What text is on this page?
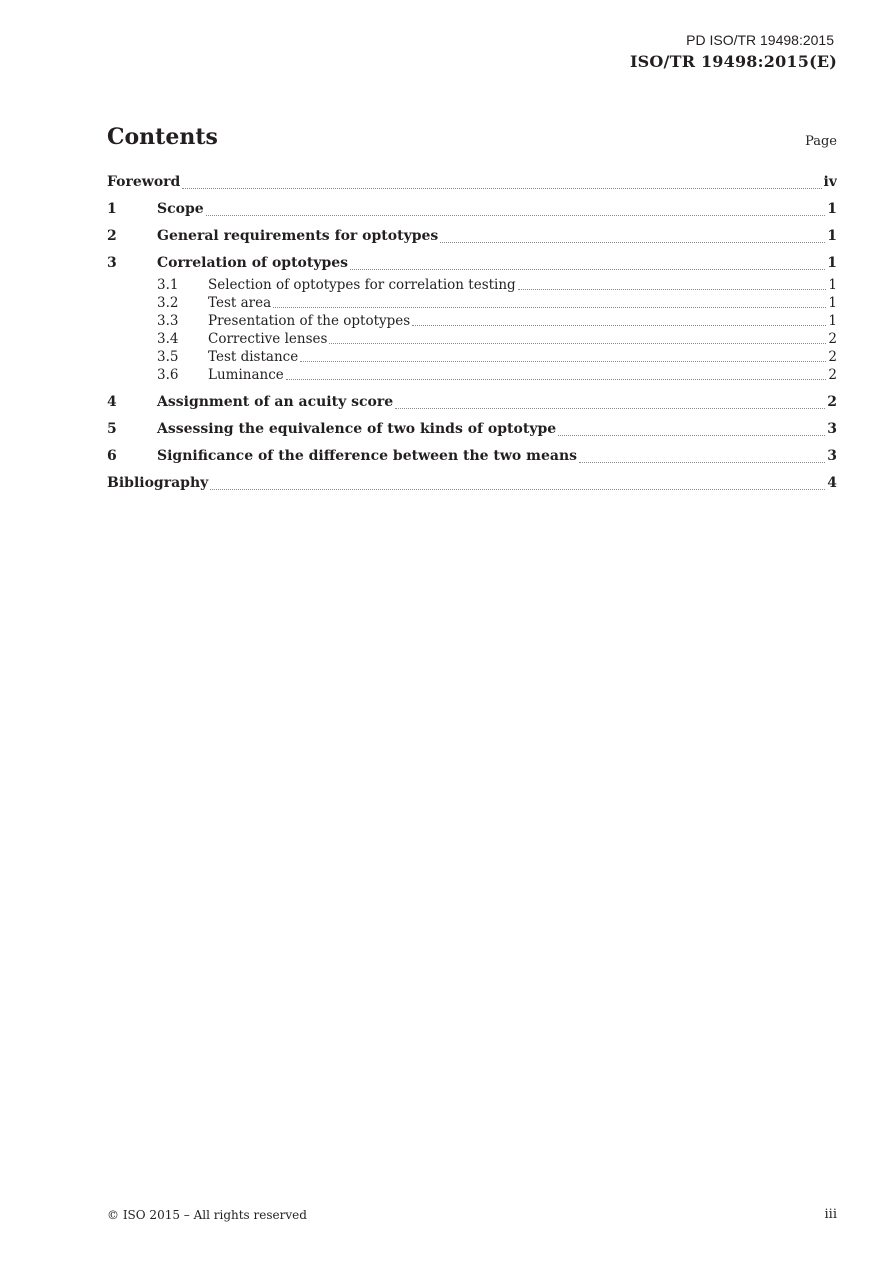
PD ISO/TR 19498:2015
ISO/TR 19498:2015(E)
Contents	Page
Foreword	iv
1	Scope	1
2	General requirements for optotypes	1
3	Correlation of optotypes	1
3.1	Selection of optotypes for correlation testing	1
3.2	Test area	1
3.3	Presentation of the optotypes	1
3.4	Corrective lenses	2
3.5	Test distance	2
3.6	Luminance	2
4	Assignment of an acuity score	2
5	Assessing the equivalence of two kinds of optotype	3
6	Significance of the difference between the two means	3
Bibliography	4
© ISO 2015 – All rights reserved	iii
